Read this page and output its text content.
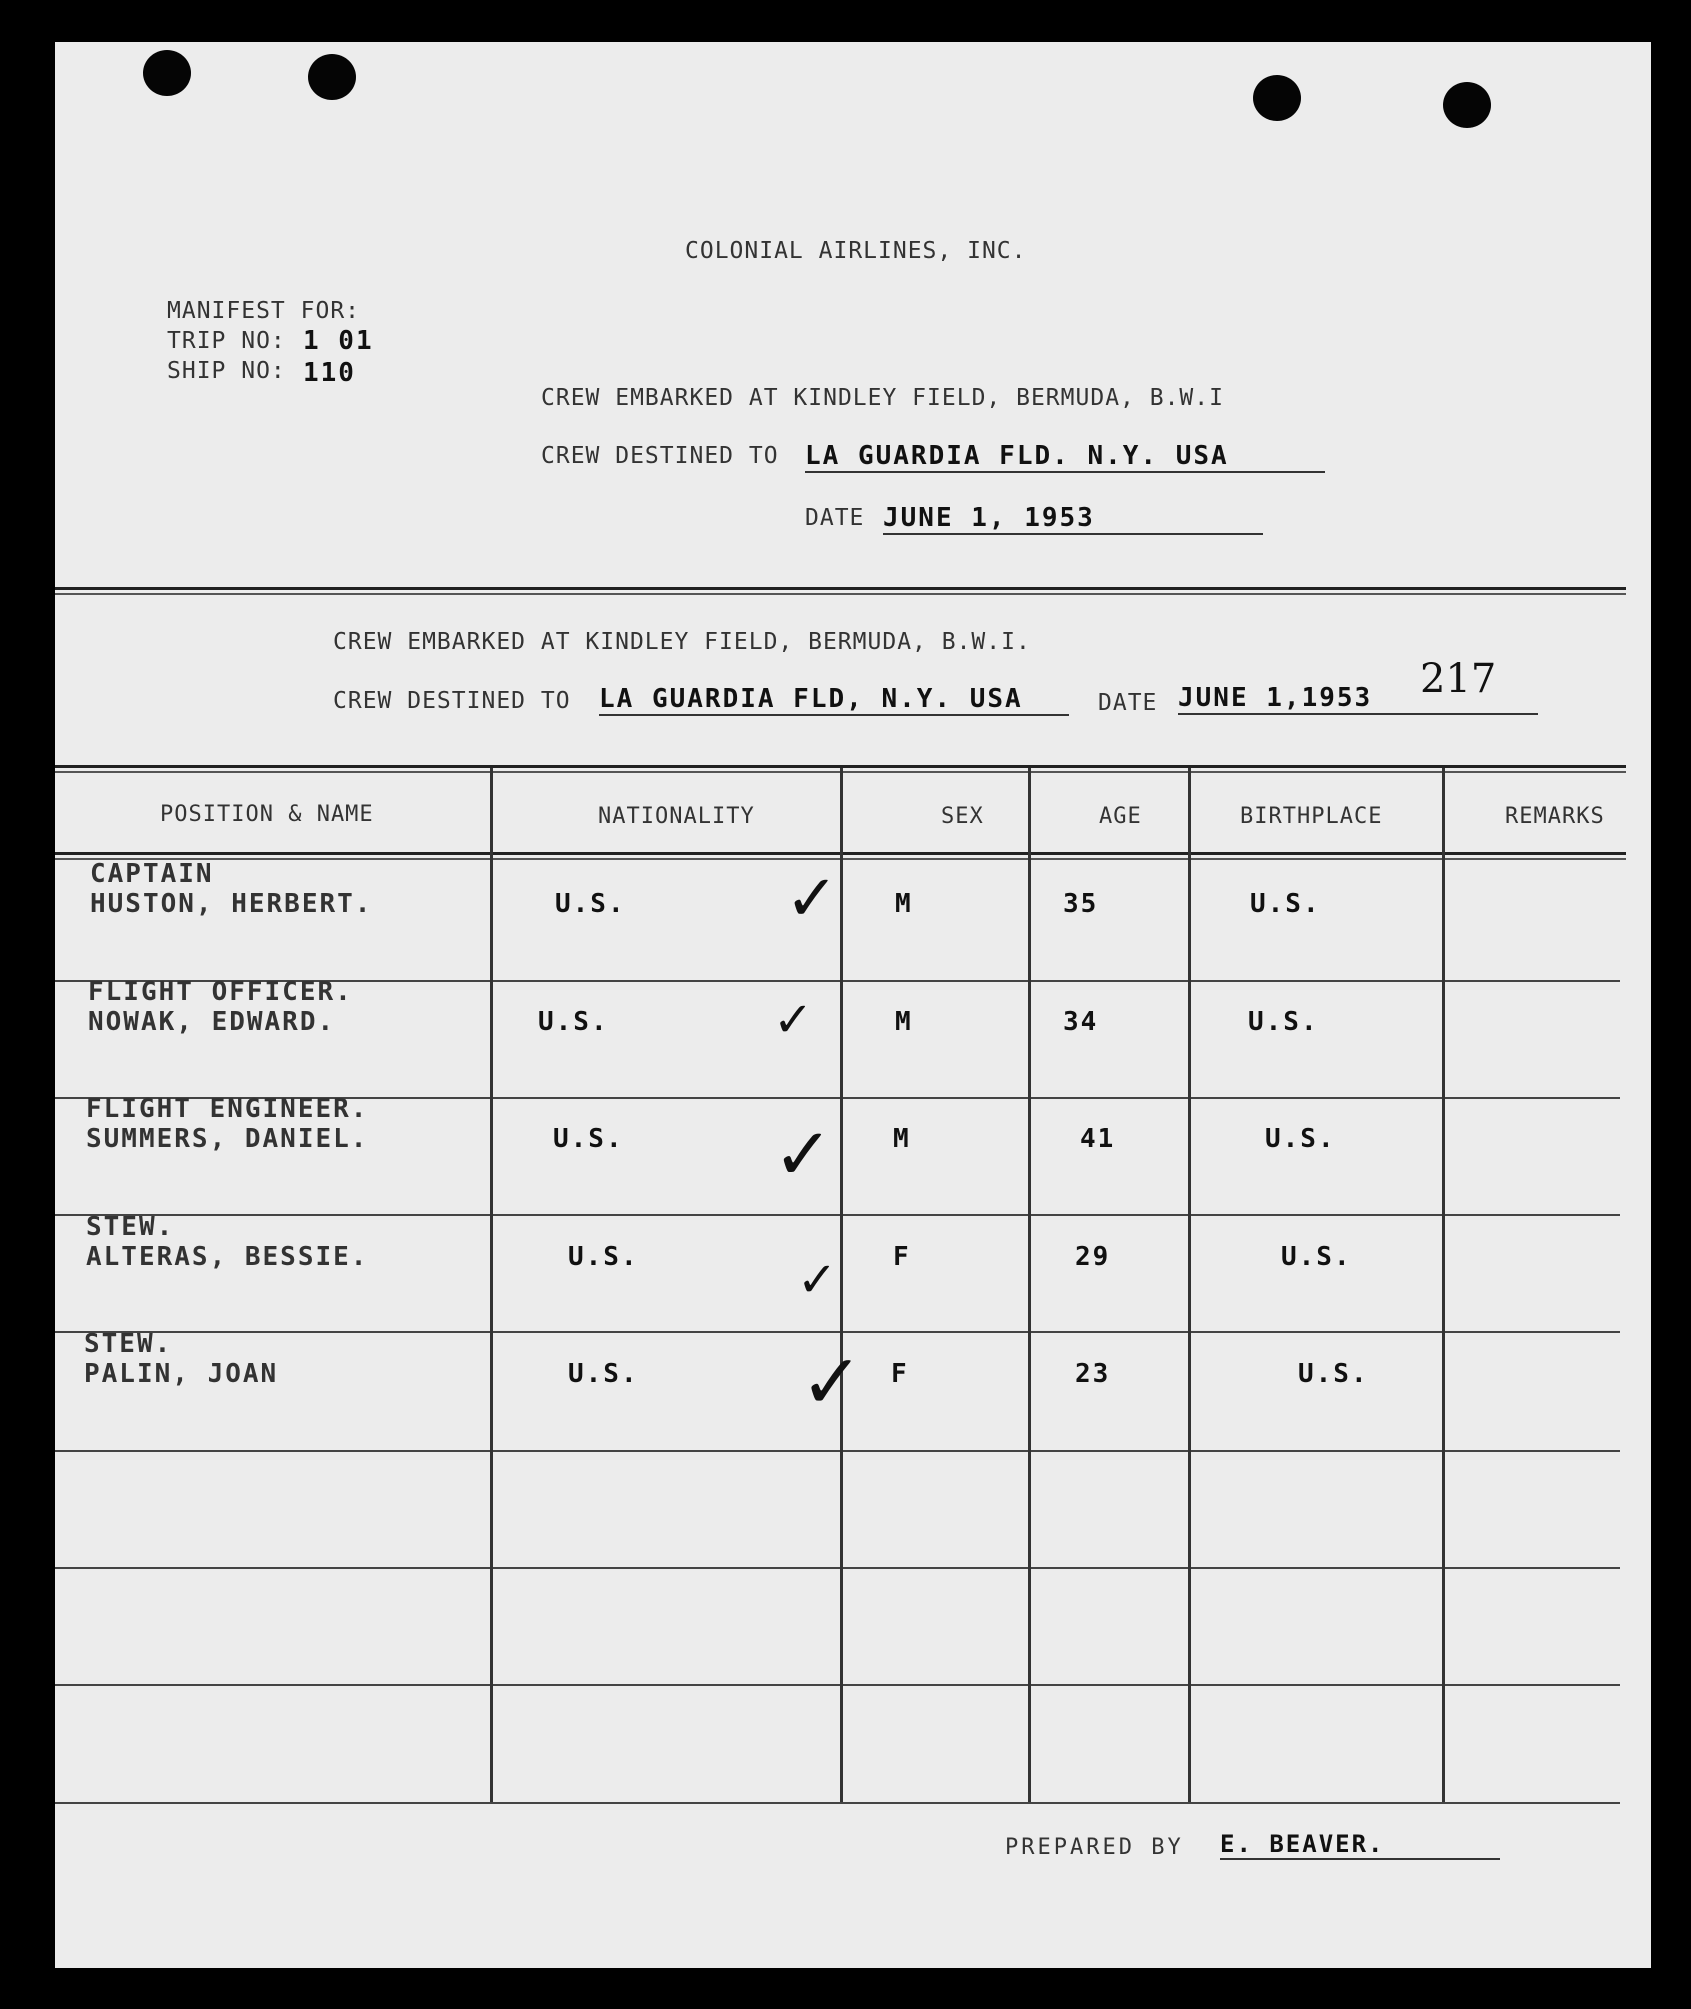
COLONIAL AIRLINES, INC.
MANIFEST FOR:
TRIP NO: 1 01
SHIP NO: 110
CREW EMBARKED AT KINDLEY FIELD, BERMUDA, B.W.I
CREW DESTINED TO LA GUARDIA FLD. N.Y. USA
DATE JUNE 1, 1953
CREW EMBARKED AT KINDLEY FIELD, BERMUDA, B.W.I.
CREW DESTINED TO LA GUARDIA FLD, N.Y. USA	DATE JUNE 1,1953	217
POSITION & NAME	NATIONALITY	SEX	AGE	BIRTHPLACE	REMARKS
CAPTAIN
HUSTON, HERBERT.	U.S.	M	35	U.S.
✓
FLIGHT OFFICER.
NOWAK, EDWARD.	U.S.	M	34	U.S.
✓
FLIGHT ENGINEER.
SUMMERS, DANIEL.	U.S.	M	41	U.S.
✓
STEW.
ALTERAS, BESSIE.	U.S.	F	29	U.S.
✓
STEW.
PALIN, JOAN	U.S.	F	23	U.S.
✓
PREPARED BY E. BEAVER.
